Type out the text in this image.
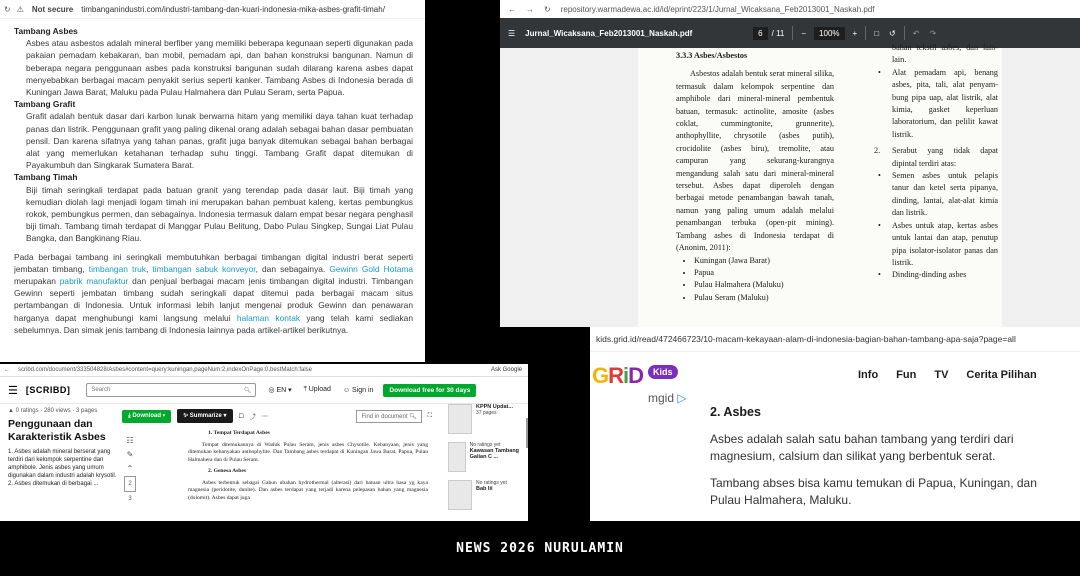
↻ ⚠ Not secure timbanganindustri.com/industri-tambang-dan-kuari-indonesia-mika-asbes-grafit-timah/
Tambang Asbes
Asbes atau asbestos adalah mineral berfiber yang memiliki beberapa kegunaan seperti digunakan pada pakaian pemadam kebakaran, ban mobil, pemadam api, dan bahan konstruksi bangunan. Namun di beberapa negara penggunaan asbes pada konstruksi bangunan sudah dilarang karena asbes dapat menyebabkan berbagai macam penyakit serius seperti kanker. Tambang Asbes di Indonesia berada di Kuningan Jawa Barat, Maluku pada Pulau Halmahera dan Pulau Seram, serta Papua.
Tambang Grafit
Grafit adalah bentuk dasar dari karbon lunak berwarna hitam yang memiliki daya tahan kuat terhadap panas dan listrik. Penggunaan grafit yang paling dikenal orang adalah sebagai bahan dasar pembuatan pensil. Dan karena sifatnya yang tahan panas, grafit juga banyak ditemukan sebagai bahan berbagai alat yang memerlukan ketahanan terhadap suhu tinggi. Tambang Grafit dapat ditemukan di Payakumbuh dan Singkarak Sumatera Barat.
Tambang Timah
Biji timah seringkali terdapat pada batuan granit yang terendap pada dasar laut. Biji timah yang kemudian diolah lagi menjadi logam timah ini merupakan bahan pembuat kaleng, kertas pembungkus rokok, pembungkus permen, dan sebagainya. Indonesia termasuk dalam empat besar negara penghasil biji timah. Tambang timah terdapat di Manggar Pulau Belitung, Dabo Pulau Singkep, Sungai Liat Pulau Bangka, dan Bangkinang Riau.
Pada berbagai tambang ini seringkali membutuhkan berbagai timbangan digital industri berat seperti jembatan timbang, timbangan truk, timbangan sabuk konveyor, dan sebagainya. Gewinn Gold Hotama merupakan pabrik manufaktur dan penjual berbagai macam jenis timbangan digital industri. Timbangan Gewinn seperti jembatan timbang sudah seringkali dapat ditemui pada berbagai macam situs pertambangan di Indonesia. Untuk informasi lebih lanjut mengenai produk Gewinn dan penawaran harganya dapat menghubungi kami langsung melalui halaman kontak yang telah kami sediakan sebelumnya. Dan simak jenis tambang di Indonesia lainnya pada artikel-artikel berikutnya.
← → ↻ repository.warmadewa.ac.id/id/eprint/223/1/Jurnal_Wicaksana_Feb2013001_Naskah.pdf
☰ Jurnal_Wicaksana_Feb2013001_Naskah.pdf	6	/ 11 −	100%	+ □ ↺ ↶ ↷
3.3.3 Asbes/Asbestos
Asbestos adalah bentuk serat mineral silika, termasuk dalam kelompok serpentine dan amphibole dari mineral-mineral pembentuk batuan, termasuk: actinolite, amosite (asbes coklat, cummingtonite, grunnerite), anthophyllite, chrysotile (asbes putih), crocidolite (asbes biru), tremolite, atau campuran yang sekurang-kurangnya mengandung salah satu dari mineral-mineral tersebut. Asbes dapat diperoleh dengan berbagai metode penambangan bawah tanah, namun yang paling umum adalah melalui penambangan terbuka (open-pit mining). Tambang asbes di Indonesia terdapat di (Anonim, 2011):
• Kuningan (Jawa Barat)
• Papua
• Pulau Halmahera (Maluku)
• Pulau Seram (Maluku)
bahan tekstil asbes, dan lain-lain.
• Alat pemadam api, benang asbes, pita, tali, alat penyam-bung pipa uap, alat listrik, alat kimia, gasket keperluan laboratorium, dan pelilit kawat listrik.
2. Serabut yang tidak dapat dipintal terdiri atas:
• Semen asbes untuk pelapis tanur dan ketel serta pipanya, dinding, lantai, alat-alat kimia dan listrik.
• Asbes untuk atap, kertas asbes untuk lantai dan atap, penutup pipa isolator-isolator panas dan listrik.
• Dinding-dinding asbes
← scribd.com/document/333504828/Asbes#content=query:kuningan,pageNum:2,indexOnPage:0,bestMatch:false	Ask Google
☰ [SCRIBD]	Search	🔍︎ ◎ EN ▾ ⤒ Upload ☺ Sign in	Download free for 30 days
▲ 0 ratings · 280 views · 3 pages
Penggunaan dan Karakteristik Asbes
1. Asbes adalah mineral berserat yang terdiri dari kelompok serpentine dan amphibole. Jenis asbes yang umum digunakan dalam industri adalah krysotil. 2. Asbes ditemukan di berbagai ...
⤓ Download ▾	✨︎ Summarize ▾	☐ ⤴ ⋯	Find in document 🔍︎	⛶
☷
✎
⌃
2
3
1. Tempat Terdapat Asbes
Tempat ditemukannya di Waduk Pulau Seram, jenis asbes Chysotile. Kebanyaan, jenis yang ditemukan kebanyakan anthophylite. Dan Tambang asbes terdapat di Kuningan Jawa Barat, Papua, Pulau Halmahera dan di Pulau Seram.
2. Genesa Asbes
Asbes terbentuk sebagai Gabun ubahan hydrothermal (alterasi) dari batuan ultra basa yg kaya magnesia (peridotite, dunite). Dan asbes terdapat yang terjadi karena pelepasan bahan yang magnesia (dolomit). Asbes dapat juga
KPPN Updat...
37 pages
No ratings yet
Kawasan Tambang Galian C ...
No ratings yet
Bab Iii
kids.grid.id/read/472466723/10-macam-kekayaan-alam-di-indonesia-bagian-bahan-tambang-apa-saja?page=all
GRiD	Kids
mgid ▷
Info Fun TV Cerita Pilihan
2. Asbes
Asbes adalah salah satu bahan tambang yang terdiri dari magnesium, calsium dan silikat yang berbentuk serat.
Tambang abses bisa kamu temukan di Papua, Kuningan, dan Pulau Halmahera, Maluku.
NEWS 2026 NURULAMIN
